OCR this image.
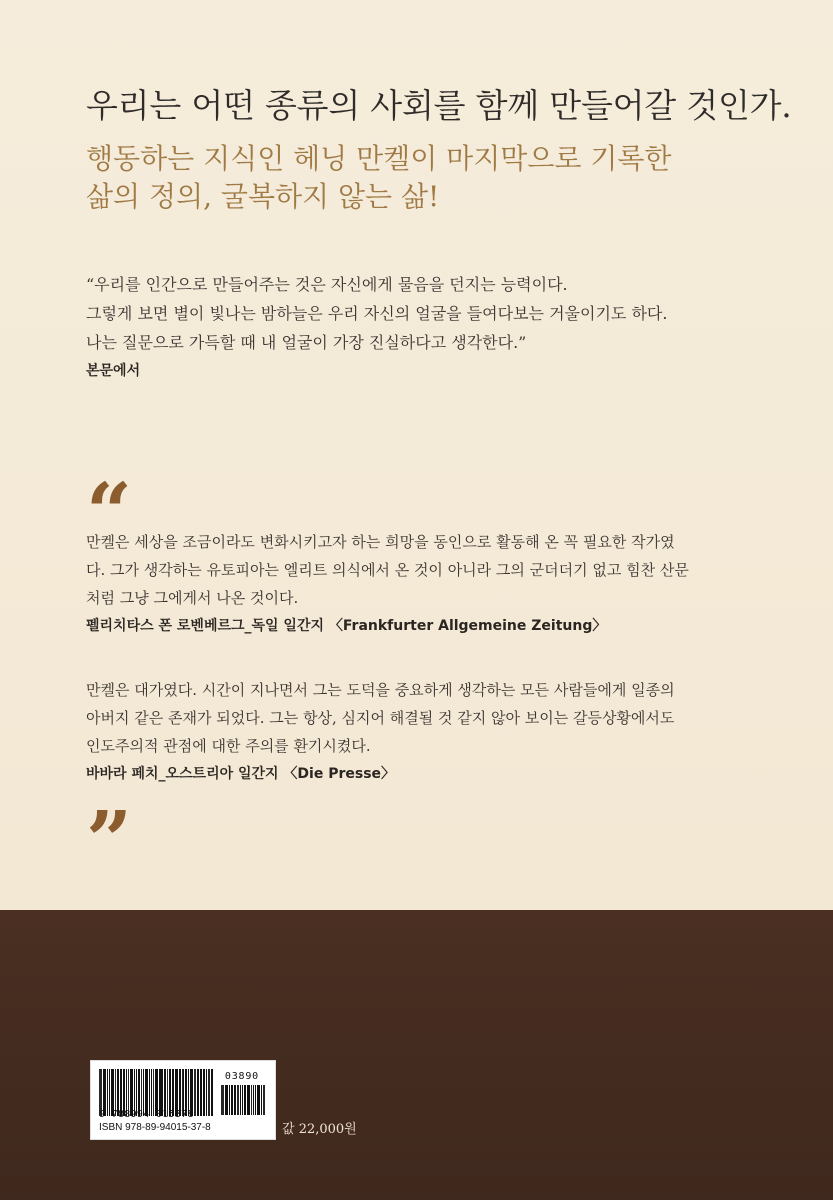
우리는 어떤 종류의 사회를 함께 만들어갈 것인가.
행동하는 지식인 헤닝 만켈이 마지막으로 기록한
삶의 정의, 굴복하지 않는 삶!
“우리를 인간으로 만들어주는 것은 자신에게 물음을 던지는 능력이다.
그렇게 보면 별이 빛나는 밤하늘은 우리 자신의 얼굴을 들여다보는 거울이기도 하다.
나는 질문으로 가득할 때 내 얼굴이 가장 진실하다고 생각한다.”
본문에서
“
만켈은 세상을 조금이라도 변화시키고자 하는 희망을 동인으로 활동해 온 꼭 필요한 작가였
다. 그가 생각하는 유토피아는 엘리트 의식에서 온 것이 아니라 그의 군더더기 없고 힘찬 산문
처럼 그냥 그에게서 나온 것이다.
펠리치타스 폰 로벤베르그_독일 일간지 〈Frankfurter Allgemeine Zeitung〉
만켈은 대가였다. 시간이 지나면서 그는 도덕을 중요하게 생각하는 모든 사람들에게 일종의
아버지 같은 존재가 되었다. 그는 항상, 심지어 해결될 것 같지 않아 보이는 갈등상황에서도
인도주의적 관점에 대한 주의를 환기시켰다.
바바라 페치_오스트리아 일간지 〈Die Presse〉
”
03890
9 788994 015378
ISBN 978-89-94015-37-8	값 22,000원
